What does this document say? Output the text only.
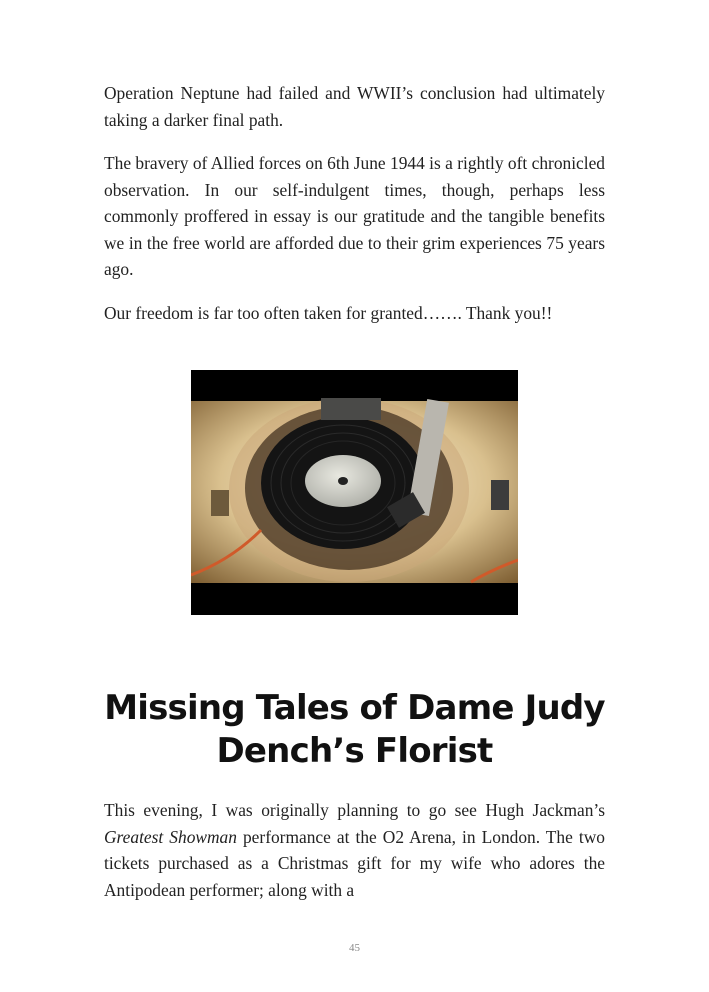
Operation Neptune had failed and WWII’s conclusion had ultimately taking a darker final path.

The bravery of Allied forces on 6th June 1944 is a rightly oft chronicled observation. In our self-indulgent times, though, perhaps less commonly proffered in essay is our gratitude and the tangible benefits we in the free world are afforded due to their grim experiences 75 years ago.

Our freedom is far too often taken for granted……. Thank you!!

Missing Tales of Dame Judy
Dench’s Florist

This evening, I was originally planning to go see Hugh Jackman’s Greatest Showman performance at the O2 Arena, in London. The two tickets purchased as a Christmas gift for my wife who adores the Antipodean performer; along with a

45
